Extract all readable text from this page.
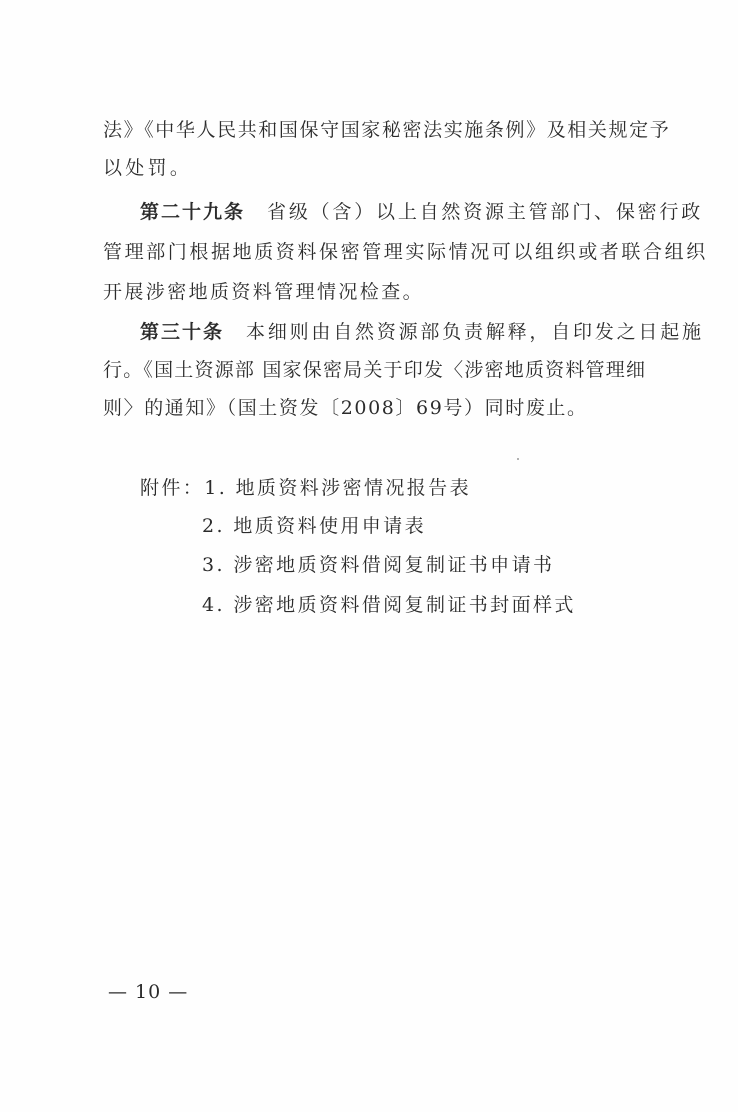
法》《中华人民共和国保守国家秘密法实施条例》及相关规定予
以处罚。
第二十九条 省级（含）以上自然资源主管部门、保密行政
管理部门根据地质资料保密管理实际情况可以组织或者联合组织
开展涉密地质资料管理情况检查。
第三十条 本细则由自然资源部负责解释，自印发之日起施
行。《国土资源部 国家保密局关于印发〈涉密地质资料管理细
则〉的通知》（国土资发〔2008〕69号）同时废止。
附件：1. 地质资料涉密情况报告表
2. 地质资料使用申请表
3. 涉密地质资料借阅复制证书申请书
4. 涉密地质资料借阅复制证书封面样式
— 10 —
